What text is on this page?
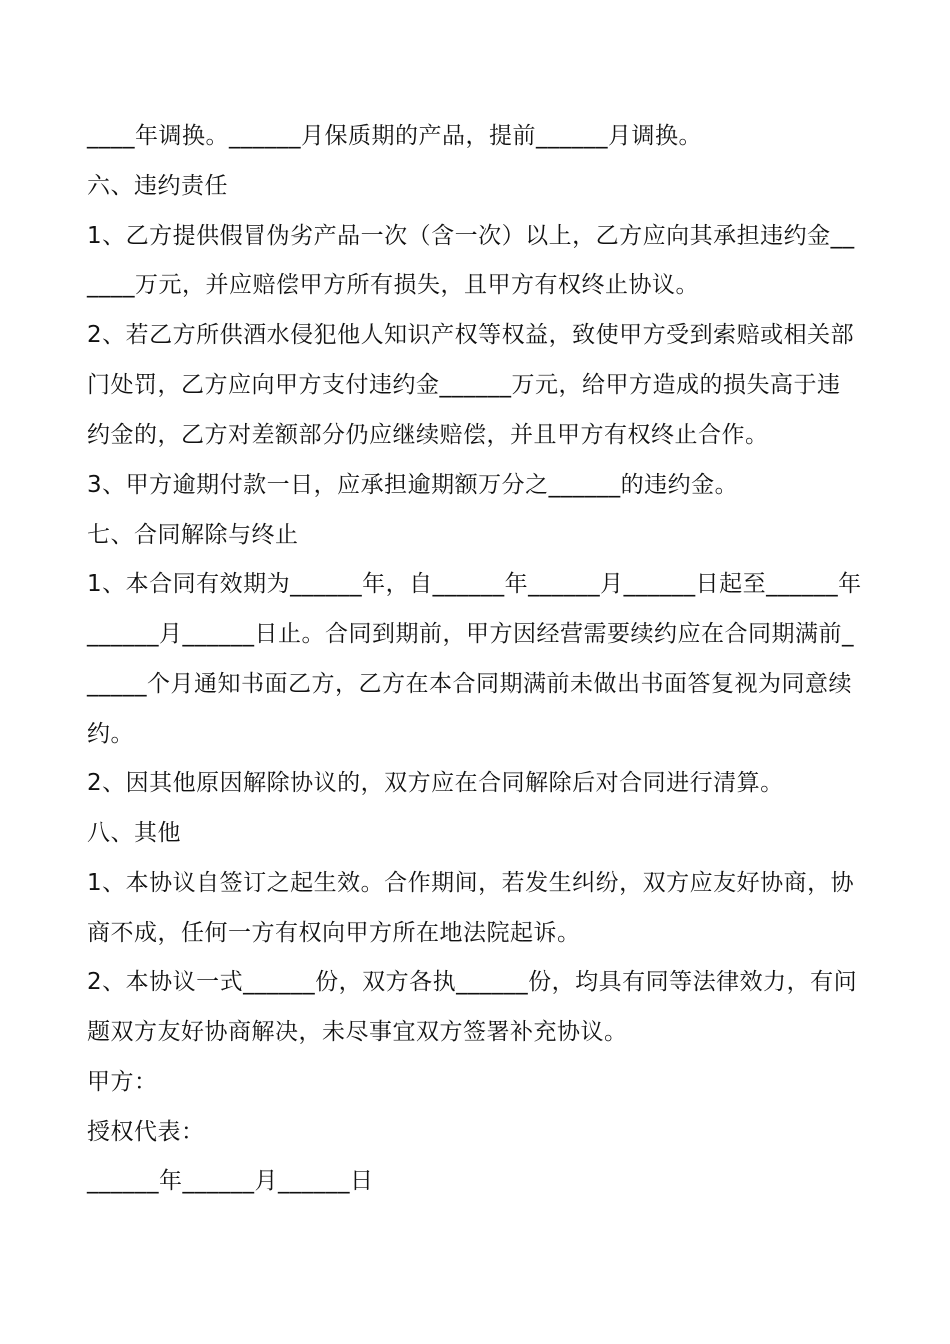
____年调换。______月保质期的产品，提前______月调换。

六、违约责任

1、乙方提供假冒伪劣产品一次（含一次）以上，乙方应向其承担违约金__

____万元，并应赔偿甲方所有损失，且甲方有权终止协议。

2、若乙方所供酒水侵犯他人知识产权等权益，致使甲方受到索赔或相关部

门处罚，乙方应向甲方支付违约金______万元，给甲方造成的损失高于违

约金的，乙方对差额部分仍应继续赔偿，并且甲方有权终止合作。

3、甲方逾期付款一日，应承担逾期额万分之______的违约金。

七、合同解除与终止

1、本合同有效期为______年，自______年______月______日起至______年

______月______日止。合同到期前，甲方因经营需要续约应在合同期满前_

_____个月通知书面乙方，乙方在本合同期满前未做出书面答复视为同意续

约。

2、因其他原因解除协议的，双方应在合同解除后对合同进行清算。

八、其他

1、本协议自签订之起生效。合作期间，若发生纠纷，双方应友好协商，协

商不成，任何一方有权向甲方所在地法院起诉。

2、本协议一式______份，双方各执______份，均具有同等法律效力，有问

题双方友好协商解决，未尽事宜双方签署补充协议。

甲方：

授权代表：

______年______月______日
